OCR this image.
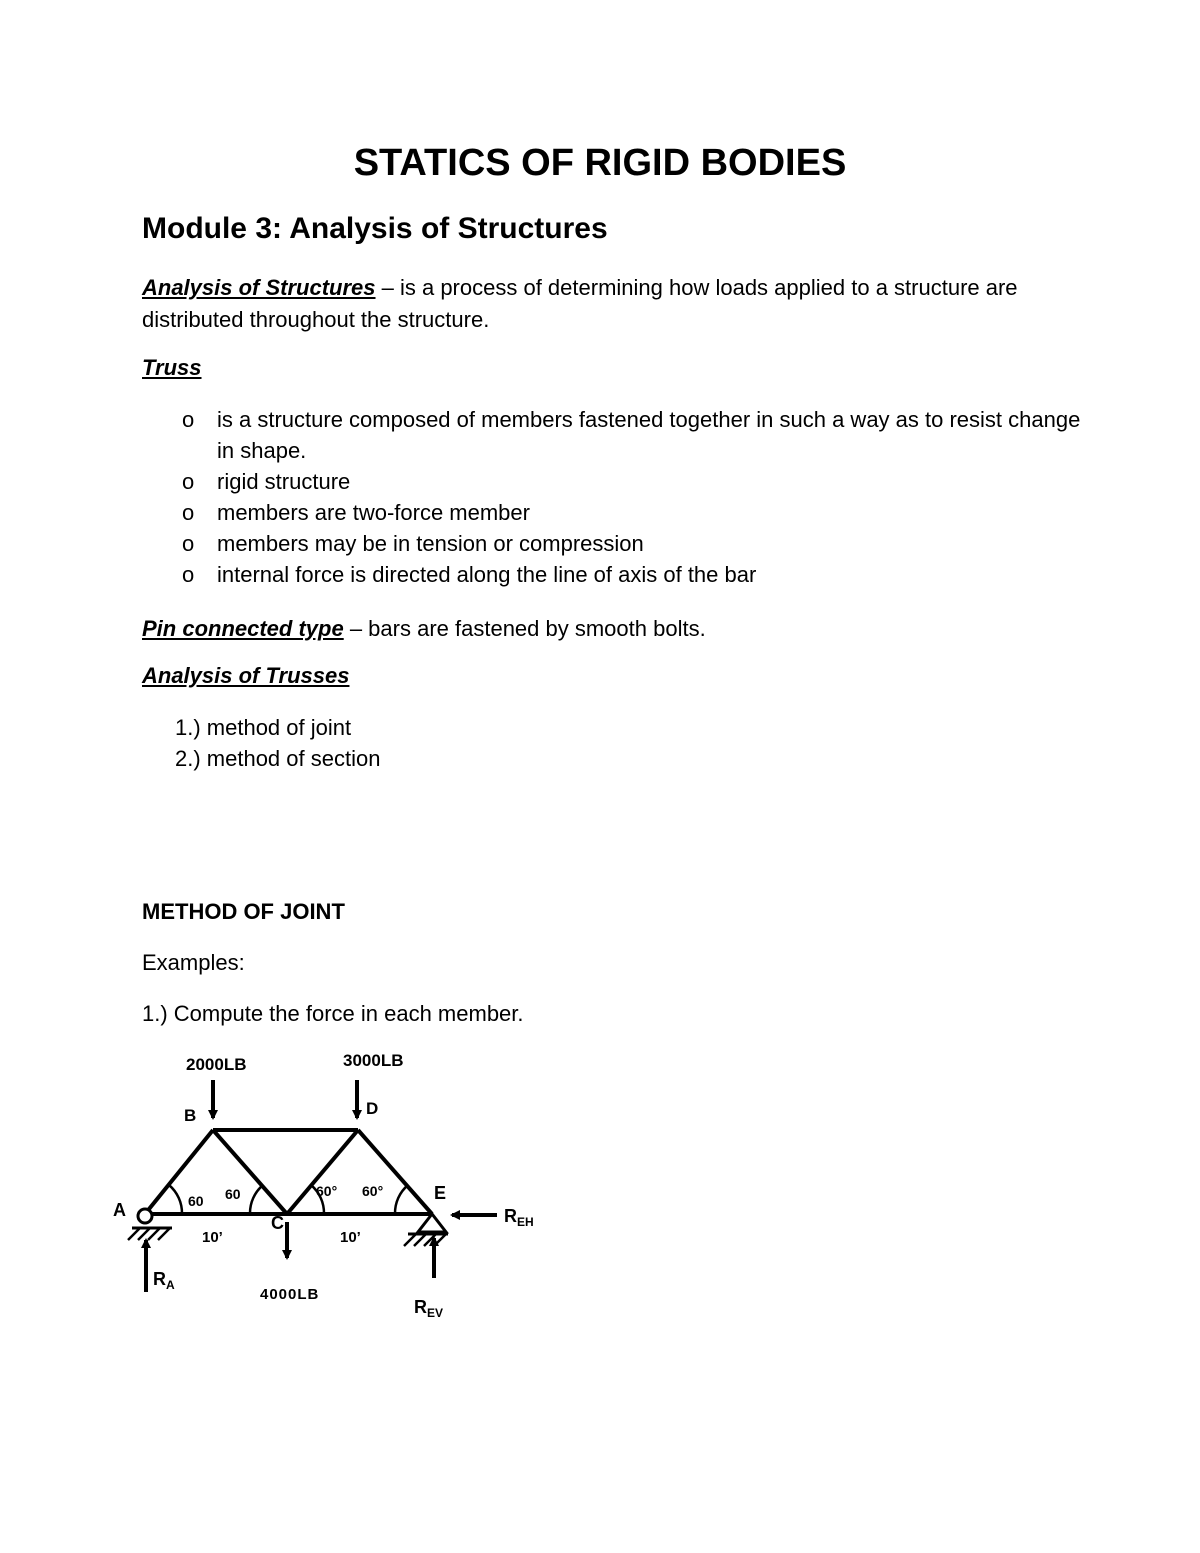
STATICS OF RIGID BODIES
Module 3: Analysis of Structures

Analysis of Structures – is a process of determining how loads applied to a structure are distributed throughout the structure.

Truss
o is a structure composed of members fastened together in such a way as to resist change in shape.
o rigid structure
o members are two-force member
o members may be in tension or compression
o internal force is directed along the line of axis of the bar

Pin connected type – bars are fastened by smooth bolts.

Analysis of Trusses
1.) method of joint
2.) method of section
METHOD OF JOINT
Examples:
1.) Compute the force in each member.
2000LB	3000LB
4000LB
A
B
C
D
E
60 60	60° 60°
10’	10’
$R_A$
$R_{EV}$
$R_{EH}$
